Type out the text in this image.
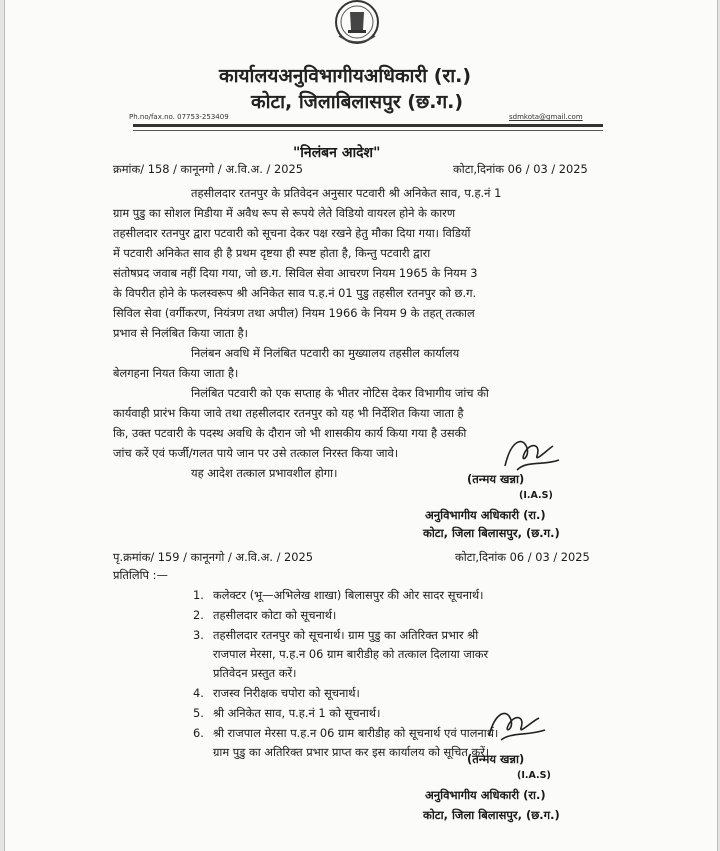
कार्यालयअनुविभागीयअधिकारी (रा.)
कोटा, जिलाबिलासपुर (छ.ग.)
Ph.no/fax.no. 07753-253409	sdmkota@gmail.com
"निलंबन आदेश"
क्रमांक/ 158 / कानूनगो / अ.वि.अ. / 2025	कोटा,दिनांक 06 / 03 / 2025
तहसीलदार रतनपुर के प्रतिवेदन अनुसार पटवारी श्री अनिकेत साव, प.ह.नं 1
ग्राम पुडु का सोशल मिडीया में अवैध रूप से रूपये लेते विडियो वायरल होने के कारण
तहसीलदार रतनपुर द्वारा पटवारी को सूचना देकर पक्ष रखने हेतु मौका दिया गया। विडियों
में पटवारी अनिकेत साव ही है प्रथम दृष्टया ही स्पष्ट होता है, किन्तु पटवारी द्वारा
संतोषप्रद जवाब नहीं दिया गया, जो छ.ग. सिविल सेवा आचरण नियम 1965 के नियम 3
के विपरीत होने के फलस्वरूप श्री अनिकेत साव प.ह.नं 01 पुडु तहसील रतनपुर को छ.ग.
सिविल सेवा (वर्गीकरण, नियंत्रण तथा अपील) नियम 1966 के नियम 9 के तहत् तत्काल
प्रभाव से निलंबित किया जाता है।
निलंबन अवधि में निलंबित पटवारी का मुख्यालय तहसील कार्यालय
बेलगहना नियत किया जाता है।
निलंबित पटवारी को एक सप्ताह के भीतर नोटिस देकर विभागीय जांच की
कार्यवाही प्रारंभ किया जावे तथा तहसीलदार रतनपुर को यह भी निर्देशित किया जाता है
कि, उक्त पटवारी के पदस्थ अवधि के दौरान जो भी शासकीय कार्य किया गया है उसकी
जांच करें एवं फर्जी/गलत पाये जान पर उसे तत्काल निरस्त किया जावे।
यह आदेश तत्काल प्रभावशील होगा।	(तन्मय खन्ना)
(I.A.S)
अनुविभागीय अधिकारी (रा.)
कोटा, जिला बिलासपुर, (छ.ग.)
पृ.क्रमांक/ 159 / कानूनगो / अ.वि.अ. / 2025	कोटा,दिनांक 06 / 03 / 2025
प्रतिलिपि :—
1. कलेक्टर (भू—अभिलेख शाखा) बिलासपुर की ओर सादर सूचनार्थ।
2. तहसीलदार कोटा को सूचनार्थ।
3. तहसीलदार रतनपुर को सूचनार्थ। ग्राम पुडु का अतिरिक्त प्रभार श्री
राजपाल मेरसा, प.ह.न 06 ग्राम बारीडीह को तत्काल दिलाया जाकर
प्रतिवेदन प्रस्तुत करें।
4. राजस्व निरीक्षक चपोरा को सूचनार्थ।
5. श्री अनिकेत साव, प.ह.नं 1 को सूचनार्थ।
6. श्री राजपाल मेरसा प.ह.न 06 ग्राम बारीडीह को सूचनार्थ एवं पालनार्थ।
ग्राम पुडु का अतिरिक्त प्रभार प्राप्त कर इस कार्यालय को सूचित करें।
(तन्मय खन्ना)
(I.A.S)
अनुविभागीय अधिकारी (रा.)
कोटा, जिला बिलासपुर, (छ.ग.)
